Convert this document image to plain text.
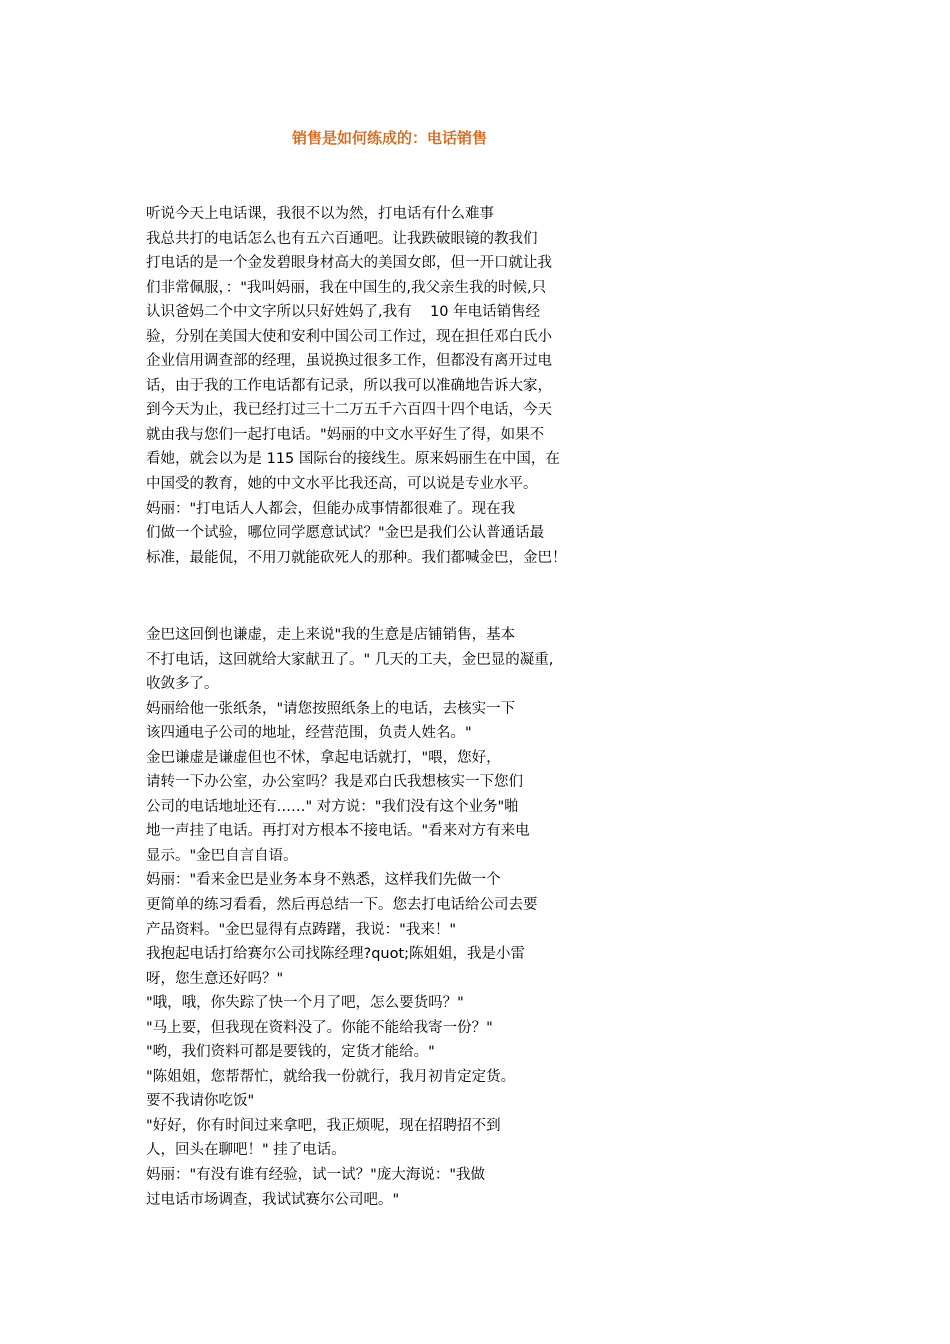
销售是如何练成的：电话销售
听说今天上电话课，我很不以为然，打电话有什么难事
我总共打的电话怎么也有五六百通吧。让我跌破眼镜的教我们
打电话的是一个金发碧眼身材高大的美国女郎，但一开口就让我
们非常佩服，："我叫妈丽，我在中国生的,我父亲生我的时候,只
认识爸妈二个中文字所以只好姓妈了,我有    10 年电话销售经
验，分别在美国大使和安利中国公司工作过，现在担任邓白氏小
企业信用调查部的经理，虽说换过很多工作，但都没有离开过电
话，由于我的工作电话都有记录，所以我可以准确地告诉大家，
到今天为止，我已经打过三十二万五千六百四十四个电话，今天
就由我与您们一起打电话。"妈丽的中文水平好生了得，如果不
看她，就会以为是 115 国际台的接线生。原来妈丽生在中国，在
中国受的教育，她的中文水平比我还高，可以说是专业水平。
妈丽："打电话人人都会，但能办成事情都很难了。现在我
们做一个试验，哪位同学愿意试试？"金巴是我们公认普通话最
标准，最能侃，不用刀就能砍死人的那种。我们都喊金巴，金巴！
金巴这回倒也谦虚，走上来说"我的生意是店铺销售，基本
不打电话，这回就给大家献丑了。" 几天的工夫，金巴显的凝重,
收敛多了。
妈丽给他一张纸条，"请您按照纸条上的电话，去核实一下
该四通电子公司的地址，经营范围，负责人姓名。"
金巴谦虚是谦虚但也不怵，拿起电话就打，"喂，您好，
请转一下办公室，办公室吗？我是邓白氏我想核实一下您们
公司的电话地址还有……" 对方说："我们没有这个业务"啪
地一声挂了电话。再打对方根本不接电话。"看来对方有来电
显示。"金巴自言自语。
妈丽："看来金巴是业务本身不熟悉，这样我们先做一个
更简单的练习看看，然后再总结一下。您去打电话给公司去要
产品资料。"金巴显得有点踌躇，我说："我来！"
我抱起电话打给赛尔公司找陈经理?quot;陈姐姐，我是小雷
呀，您生意还好吗？"
"哦，哦，你失踪了快一个月了吧，怎么要货吗？"
"马上要，但我现在资料没了。你能不能给我寄一份？"
"哟，我们资料可都是要钱的，定货才能给。"
"陈姐姐，您帮帮忙，就给我一份就行，我月初肯定定货。
要不我请你吃饭"
"好好，你有时间过来拿吧，我正烦呢，现在招聘招不到
人，回头在聊吧！" 挂了电话。
妈丽："有没有谁有经验，试一试？"庞大海说："我做
过电话市场调查，我试试赛尔公司吧。"
